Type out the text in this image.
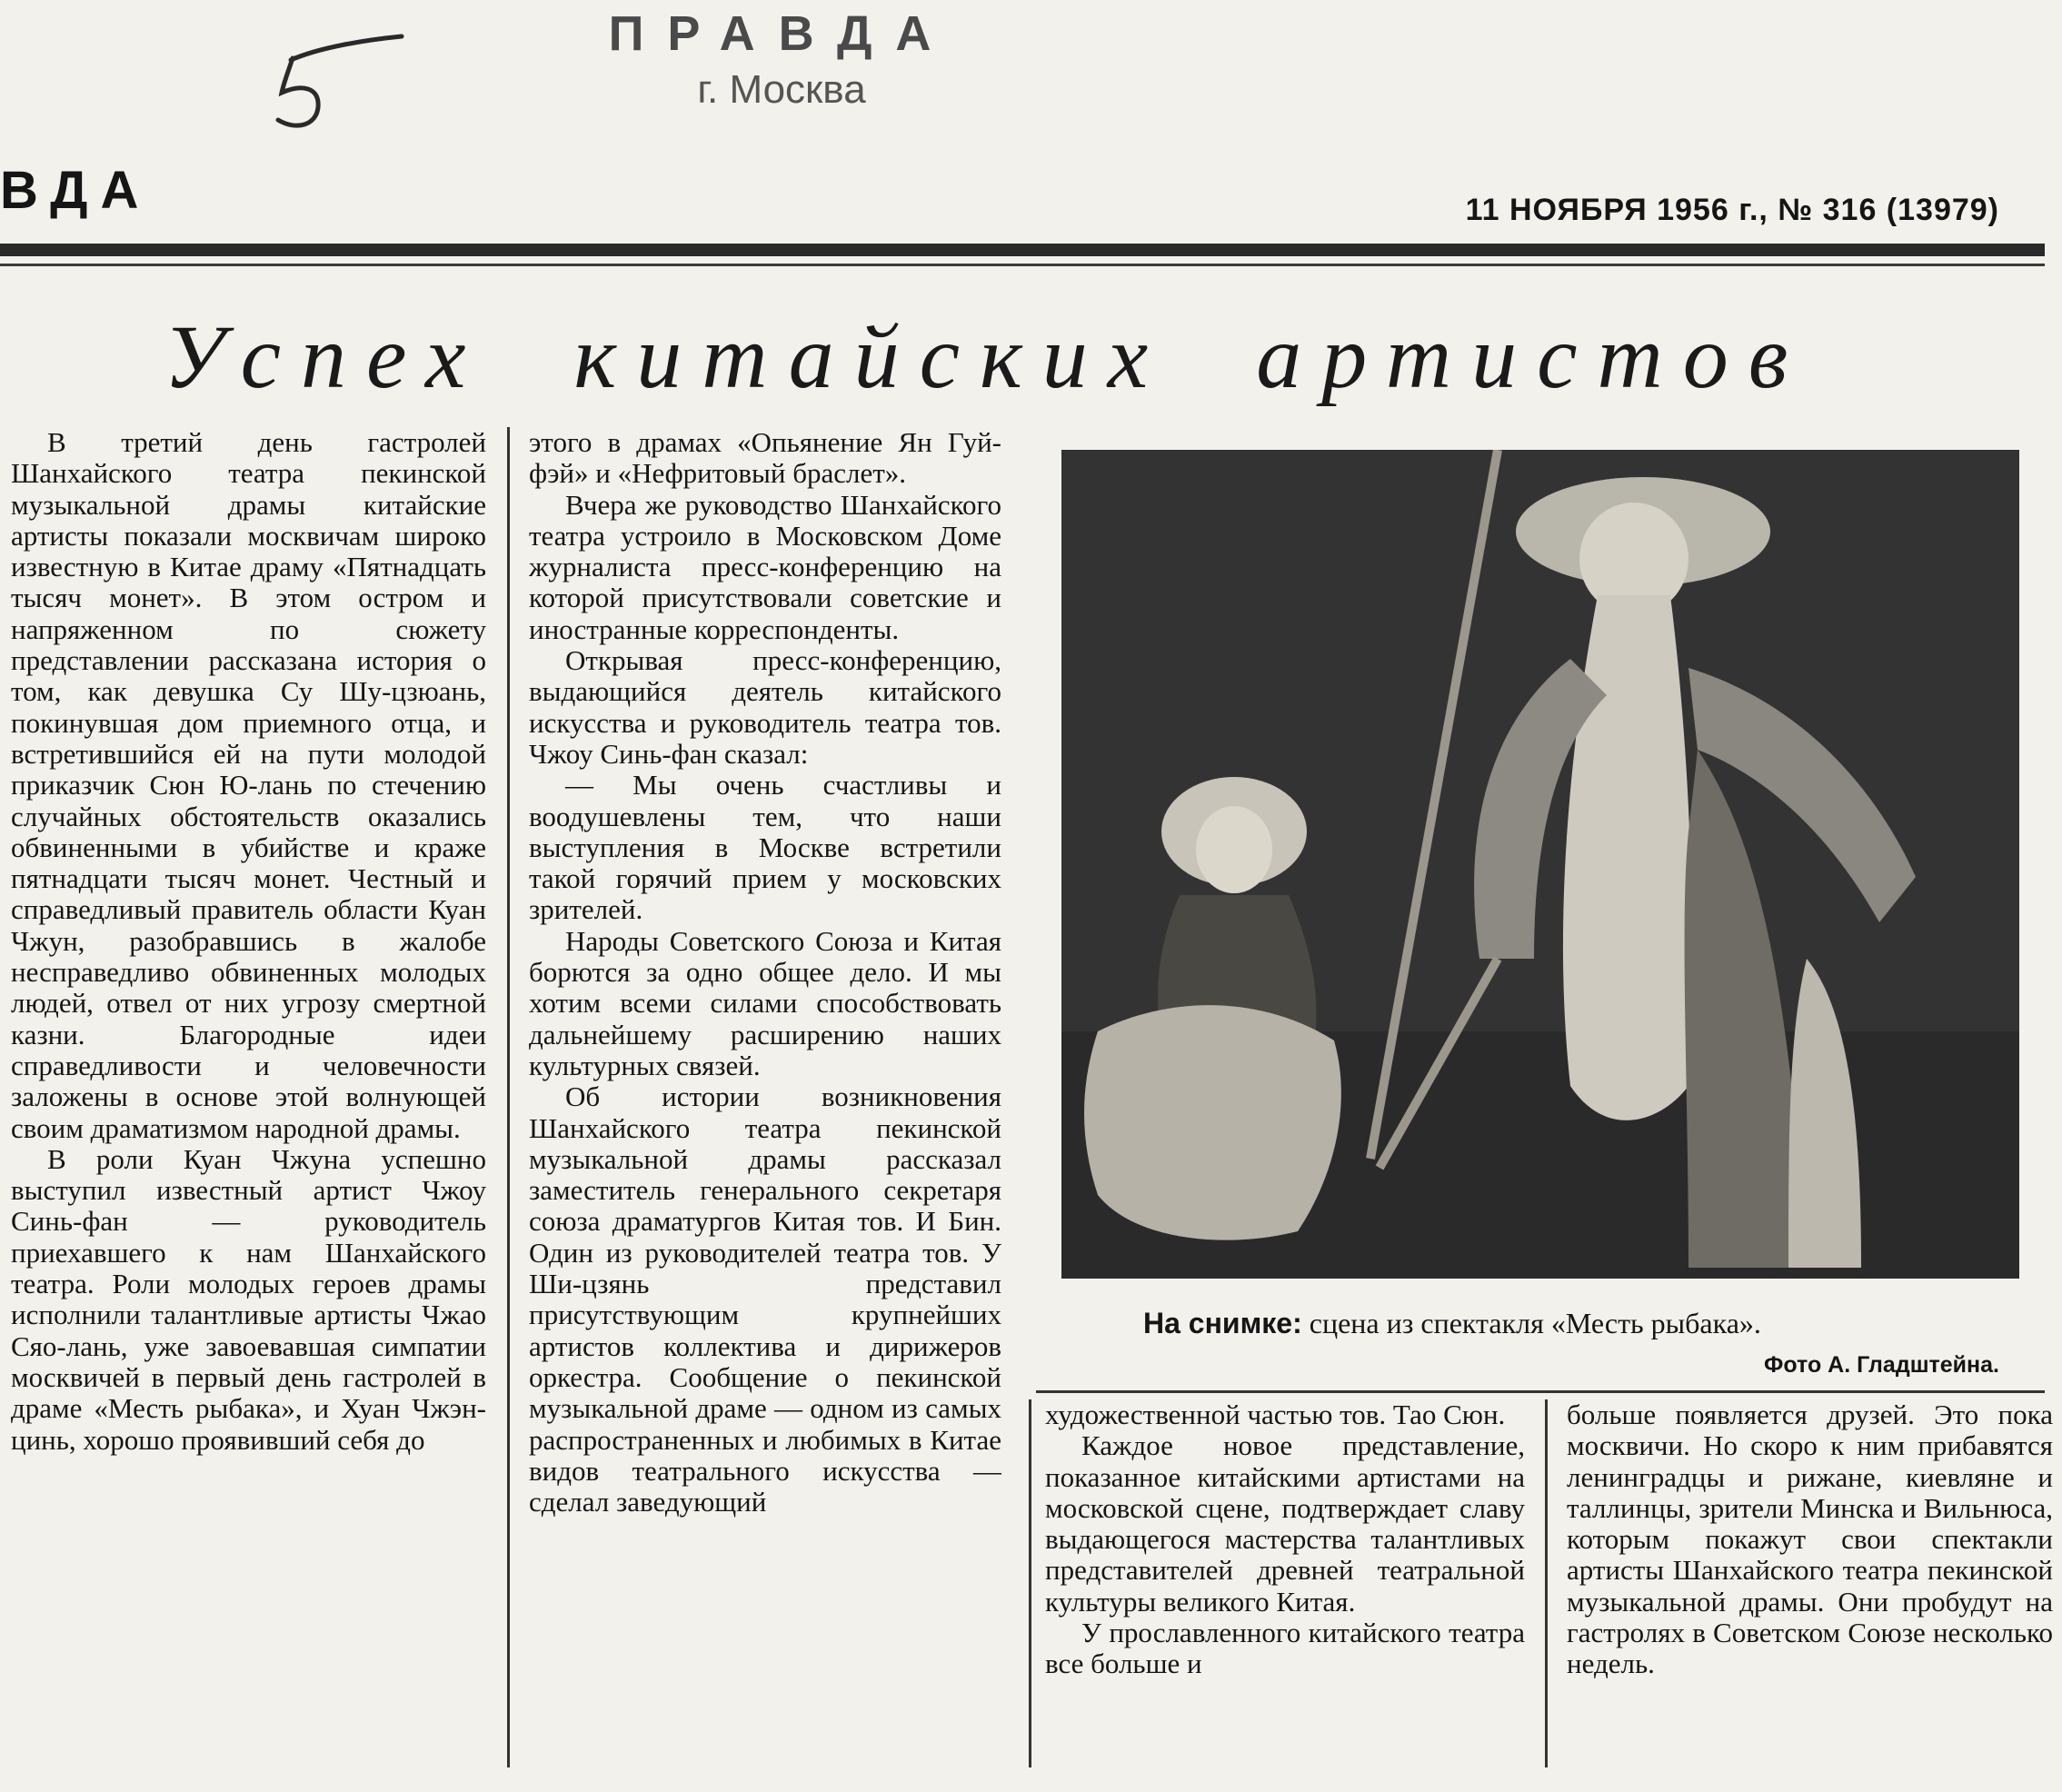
ПРАВДА
г. Москва
ВДА	11 НОЯБРЯ 1956 г., № 316 (13979)
Успех китайских артистов

В третий день гастролей Шанхайского театра пекинской музыкальной драмы китайские артисты показали москвичам широко известную в Китае драму «Пятнадцать тысяч монет». В этом остром и напряженном по сюжету представлении рассказана история о том, как девушка Су Шу-цзюань, покинувшая дом приемного отца, и встретившийся ей на пути молодой приказчик Сюн Ю-лань по стечению случайных обстоятельств оказались обвиненными в убийстве и краже пятнадцати тысяч монет. Честный и справедливый правитель области Куан Чжун, разобравшись в жалобе несправедливо обвиненных молодых людей, отвел от них угрозу смертной казни. Благородные идеи справедливости и человечности заложены в основе этой волнующей своим драматизмом народной драмы.

В роли Куан Чжуна успешно выступил известный артист Чжоу Синь-фан — руководитель приехавшего к нам Шанхайского театра. Роли молодых героев драмы исполнили талантливые артисты Чжао Сяо-лань, уже завоевавшая симпатии москвичей в первый день гастролей в драме «Месть рыбака», и Хуан Чжэн-цинь, хорошо проявивший себя до

этого в драмах «Опьянение Ян Гуй-фэй» и «Нефритовый браслет».

Вчера же руководство Шанхайского театра устроило в Московском Доме журналиста пресс-конференцию на которой присутствовали советские и иностранные корреспонденты.

Открывая пресс-конференцию, выдающийся деятель китайского искусства и руководитель театра тов. Чжоу Синь-фан сказал:

— Мы очень счастливы и воодушевлены тем, что наши выступления в Москве встретили такой горячий прием у московских зрителей.

Народы Советского Союза и Китая борются за одно общее дело. И мы хотим всеми силами способствовать дальнейшему расширению наших культурных связей.

Об истории возникновения Шанхайского театра пекинской музыкальной драмы рассказал заместитель генерального секретаря союза драматургов Китая тов. И Бин. Один из руководителей театра тов. У Ши-цзянь представил присутствующим крупнейших артистов коллектива и дирижеров оркестра. Сообщение о пекинской музыкальной драме — одном из самых распространенных и любимых в Китае видов театрального искусства — сделал заведующий

На снимке: сцена из спектакля «Месть рыбака».
Фото А. Гладштейна.

художественной частью тов. Тао Сюн.

Каждое новое представление, показанное китайскими артистами на московской сцене, подтверждает славу выдающегося мастерства талантливых представителей древней театральной культуры великого Китая.

У прославленного китайского театра все больше и

больше появляется друзей. Это пока москвичи. Но скоро к ним прибавятся ленинградцы и рижане, киевляне и таллинцы, зрители Минска и Вильнюса, которым покажут свои спектакли артисты Шанхайского театра пекинской музыкальной драмы. Они пробудут на гастролях в Советском Союзе несколько недель.
